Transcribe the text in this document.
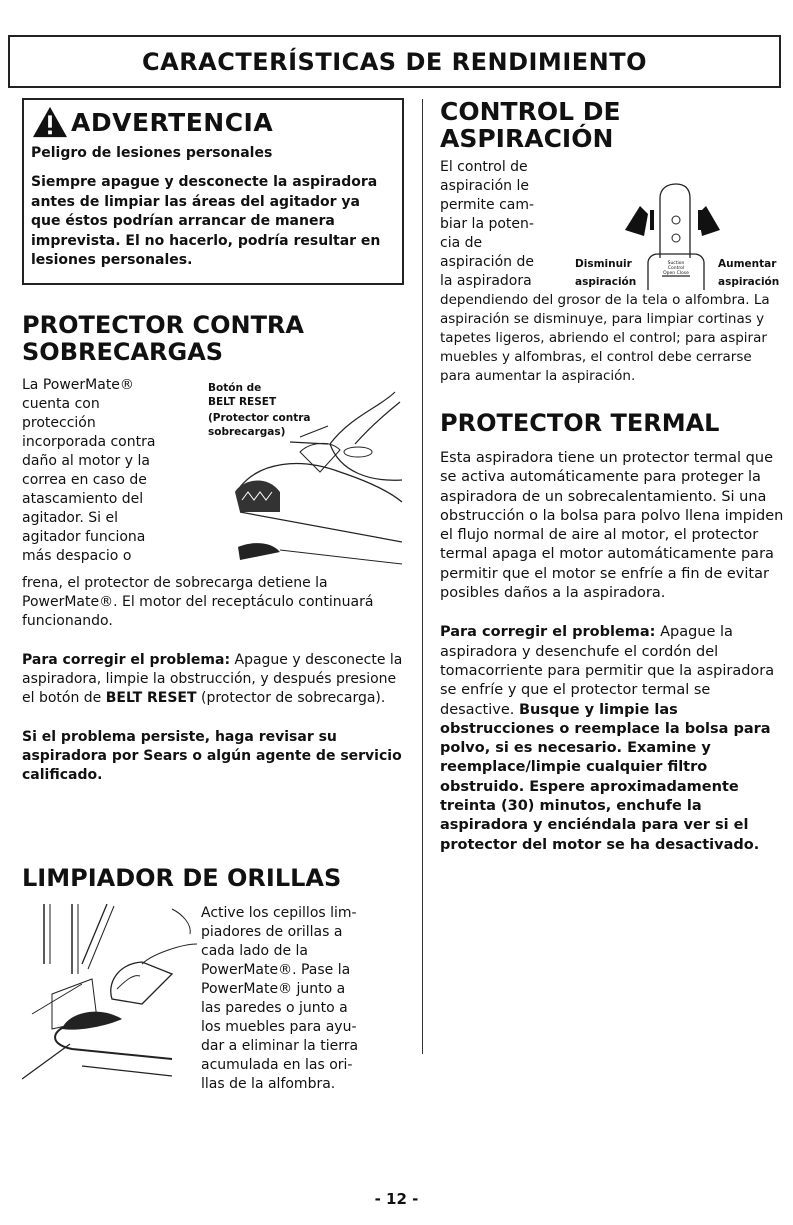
CARACTERÍSTICAS DE RENDIMIENTO
ADVERTENCIA

Peligro de lesiones personales

Siempre apague y desconecte la aspiradora antes de limpiar las áreas del agitador ya que éstos podrían arrancar de manera imprevista. El no hacerlo, podría resultar en lesiones personales.

PROTECTOR CONTRA
SOBRECARGAS
La PowerMate®
cuenta con
protección
incorporada contra
daño al motor y la
correa en caso de
atascamiento del
agitador. Si el
agitador funciona
más despacio o
Botón de
BELT RESET
(Protector contra
sobrecargas)

frena, el protector de sobrecarga detiene la PowerMate®. El motor del receptáculo continuará funcionando.

Para corregir el problema: Apague y desconecte la aspiradora, limpie la obstrucción, y después presione el botón de BELT RESET (protector de sobrecarga).

Si el problema persiste, haga revisar su aspiradora por Sears o algún agente de servicio calificado.

LIMPIADOR DE ORILLAS
Active los cepillos lim-
piadores de orillas a
cada lado de la
PowerMate®. Pase la
PowerMate® junto a
las paredes o junto a
los muebles para ayu-
dar a eliminar la tierra
acumulada en las ori-
llas de la alfombra.
CONTROL DE ASPIRACIÓN
El control de
aspiración le
permite cam-
biar la poten-
cia de
aspiración de
la aspiradora
Suction Control
Open Close
Disminuir
aspiración
Aumentar
aspiración

dependiendo del grosor de la tela o alfombra. La aspiración se disminuye, para limpiar cortinas y tapetes ligeros, abriendo el control; para aspirar muebles y alfombras, el control debe cerrarse para aumentar la aspiración.

PROTECTOR TERMAL

Esta aspiradora tiene un protector termal que se activa automáticamente para proteger la aspiradora de un sobrecalentamiento. Si una obstrucción o la bolsa para polvo llena impiden el flujo normal de aire al motor, el protector termal apaga el motor automáticamente para permitir que el motor se enfríe a fin de evitar posibles daños a la aspiradora.

Para corregir el problema: Apague la aspiradora y desenchufe el cordón del tomacorriente para permitir que la aspiradora se enfríe y que el protector termal se desactive. Busque y limpie las obstrucciones o reemplace la bolsa para polvo, si es necesario. Examine y reemplace/limpie cualquier filtro obstruido. Espere aproximadamente treinta (30) minutos, enchufe la aspiradora y enciéndala para ver si el protector del motor se ha desactivado.

- 12 -
